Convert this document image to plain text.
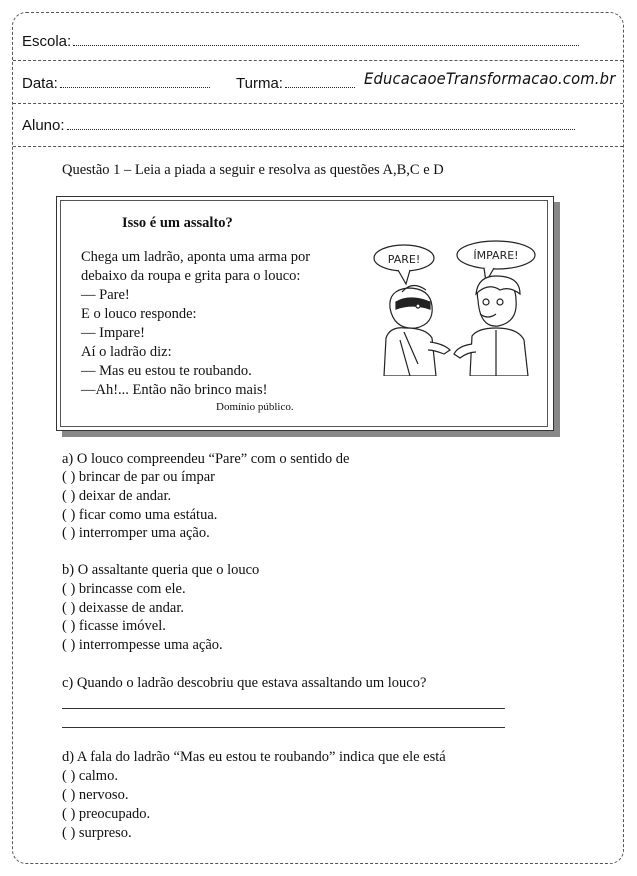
Escola:
Data:	Turma:	EducacaoeTransformacao.com.br
Aluno:
Questão 1 – Leia a piada a seguir e resolva as questões A,B,C e D
Isso é um assalto?
Chega um ladrão, aponta uma arma por
debaixo da roupa e grita para o louco:
— Pare!
E o louco responde:
— Impare!
Aí o ladrão diz:
— Mas eu estou te roubando.
—Ah!... Então não brinco mais!
Domínio público.
PARE!	ÍMPARE!
a) O louco compreendeu “Pare” com o sentido de
( ) brincar de par ou ímpar
( ) deixar de andar.
( ) ficar como uma estátua.
( ) interromper uma ação.
b) O assaltante queria que o louco
( ) brincasse com ele.
( ) deixasse de andar.
( ) ficasse imóvel.
( ) interrompesse uma ação.
c) Quando o ladrão descobriu que estava assaltando um louco?
d) A fala do ladrão “Mas eu estou te roubando” indica que ele está
( ) calmo.
( ) nervoso.
( ) preocupado.
( ) surpreso.
